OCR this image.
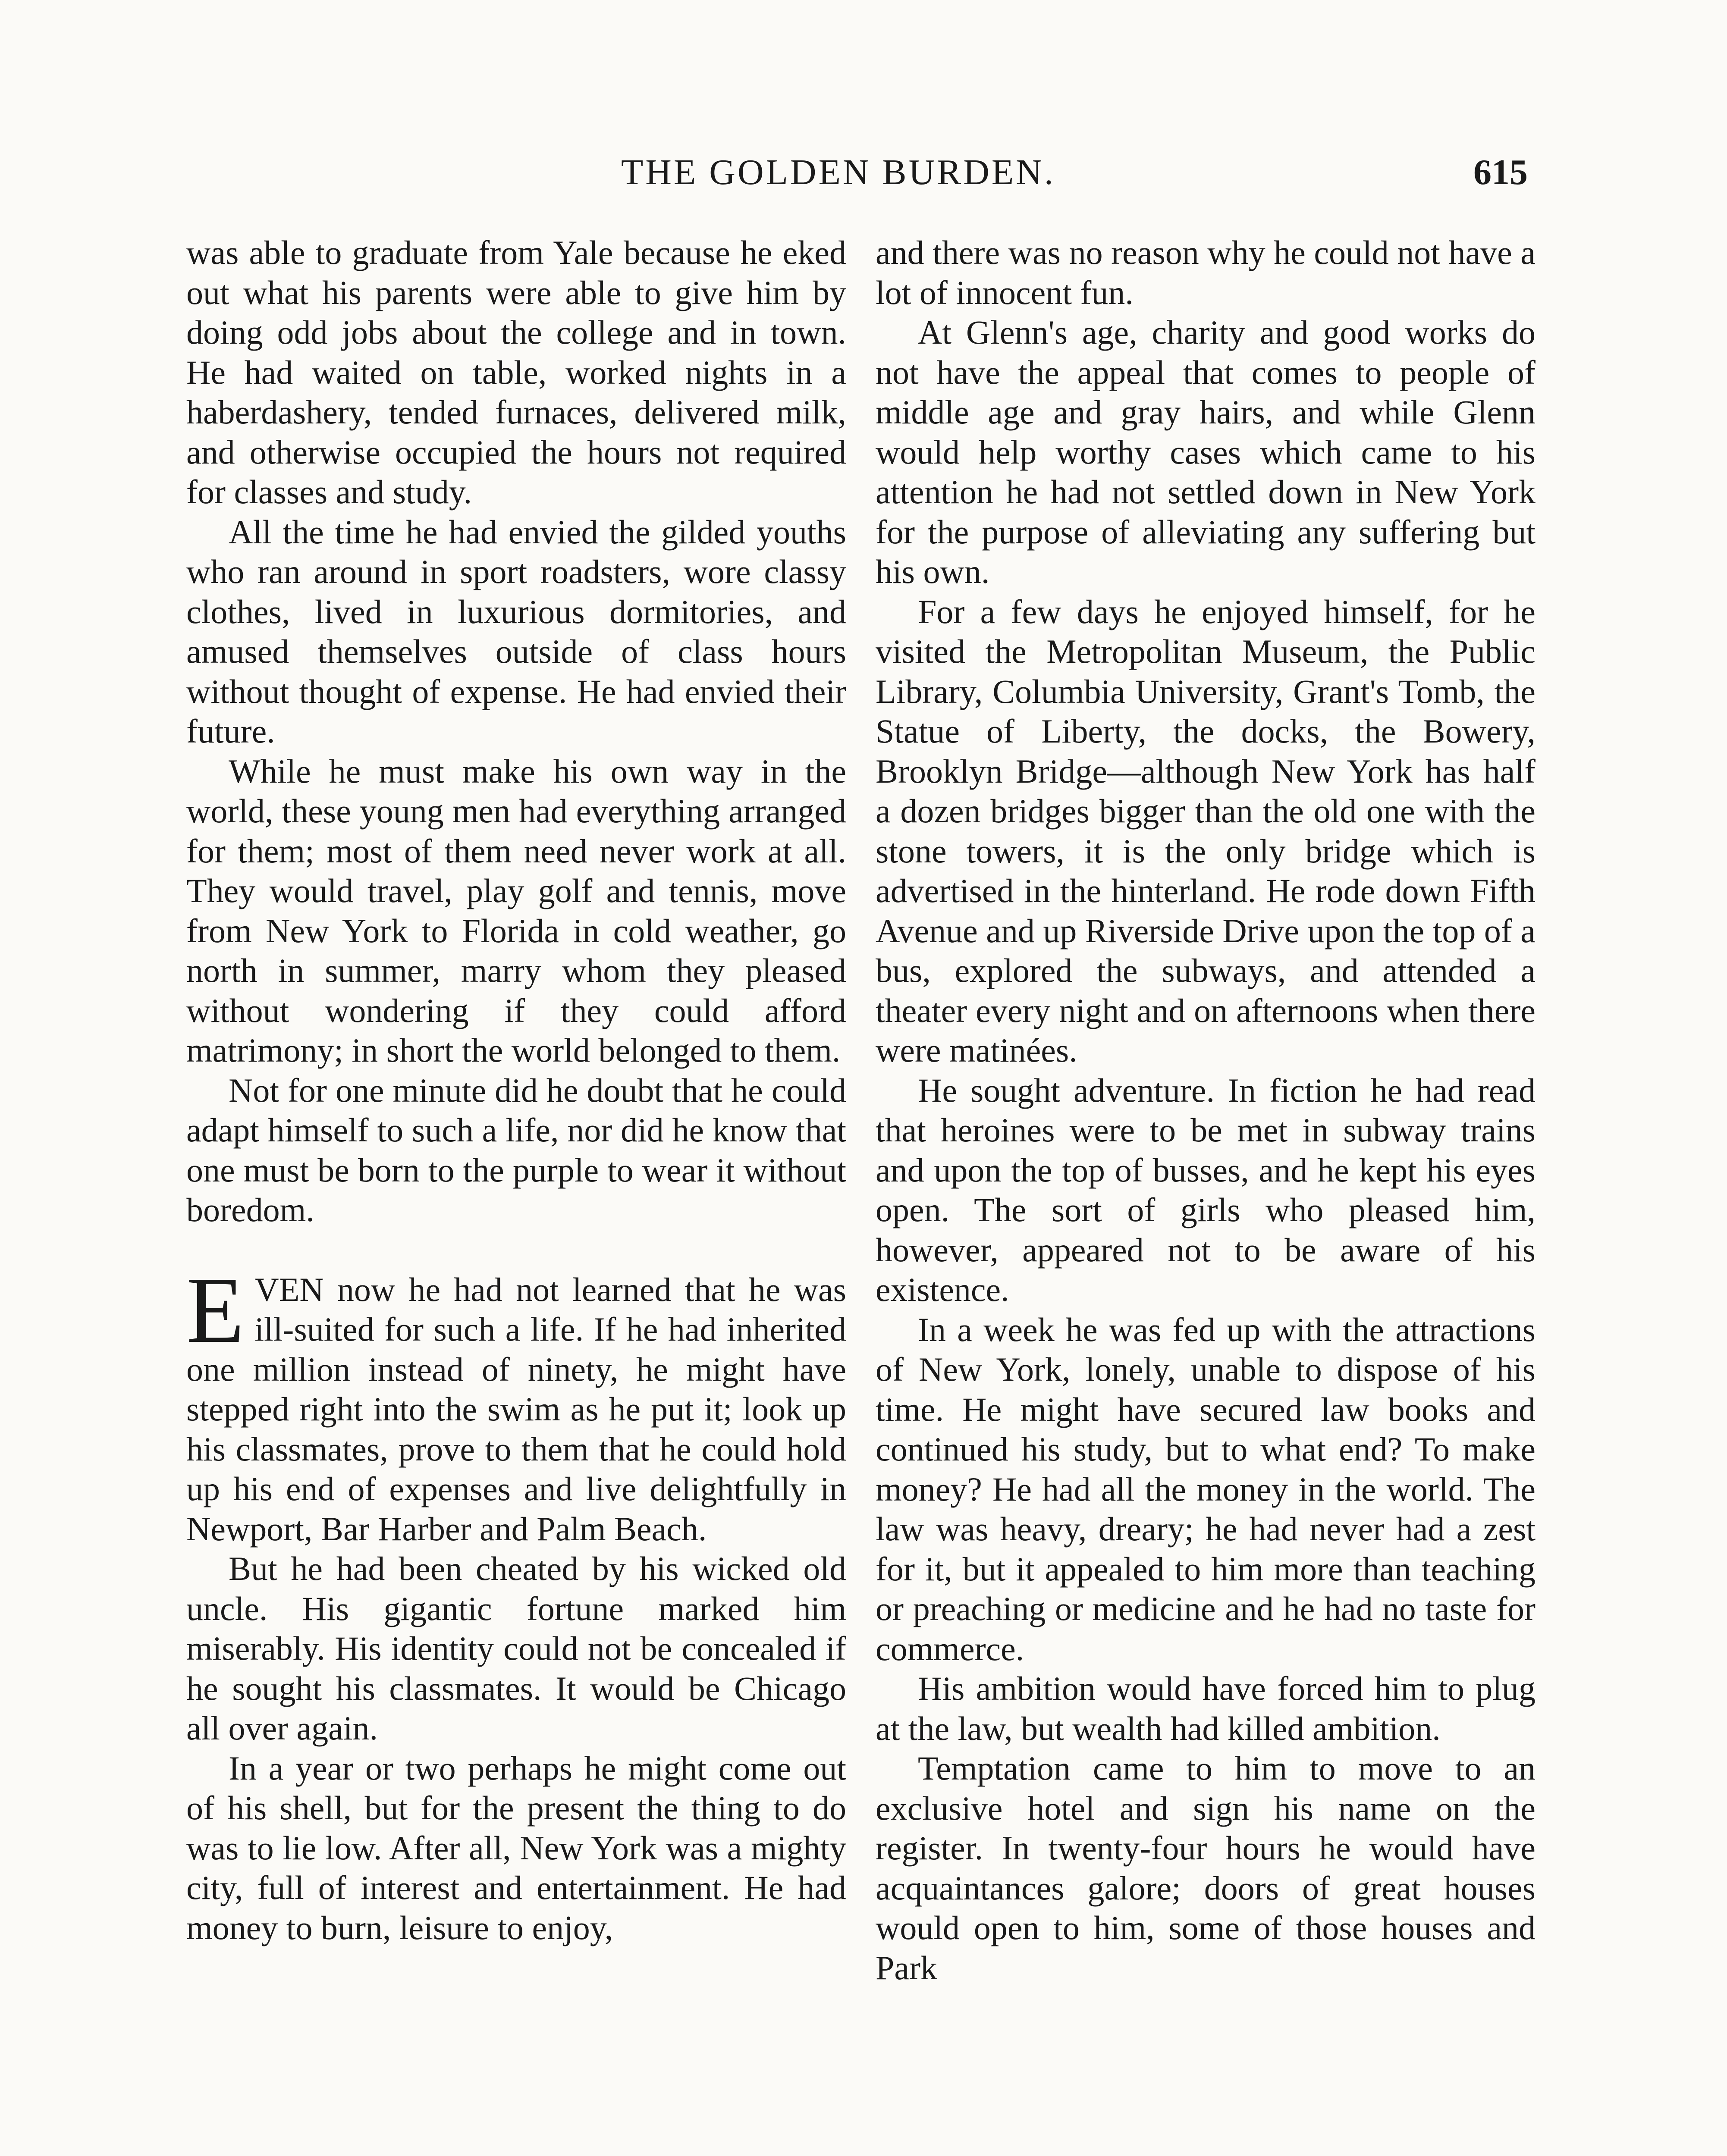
THE GOLDEN BURDEN.	615

was able to graduate from Yale because he eked out what his parents were able to give him by doing odd jobs about the college and in town. He had waited on table, worked nights in a haberdashery, tended furnaces, delivered milk, and otherwise occupied the hours not required for classes and study.

All the time he had envied the gilded youths who ran around in sport roadsters, wore classy clothes, lived in luxurious dormitories, and amused themselves outside of class hours without thought of expense. He had envied their future.

While he must make his own way in the world, these young men had everything arranged for them; most of them need never work at all. They would travel, play golf and tennis, move from New York to Florida in cold weather, go north in summer, marry whom they pleased without wondering if they could afford matrimony; in short the world belonged to them.

Not for one minute did he doubt that he could adapt himself to such a life, nor did he know that one must be born to the purple to wear it without boredom.

EVEN now he had not learned that he was ill-suited for such a life. If he had inherited one million instead of ninety, he might have stepped right into the swim as he put it; look up his classmates, prove to them that he could hold up his end of expenses and live delightfully in Newport, Bar Harber and Palm Beach.

But he had been cheated by his wicked old uncle. His gigantic fortune marked him miserably. His identity could not be concealed if he sought his classmates. It would be Chicago all over again.

In a year or two perhaps he might come out of his shell, but for the present the thing to do was to lie low. After all, New York was a mighty city, full of interest and entertainment. He had money to burn, leisure to enjoy,

and there was no reason why he could not have a lot of innocent fun.

At Glenn's age, charity and good works do not have the appeal that comes to people of middle age and gray hairs, and while Glenn would help worthy cases which came to his attention he had not settled down in New York for the purpose of alleviating any suffering but his own.

For a few days he enjoyed himself, for he visited the Metropolitan Museum, the Public Library, Columbia University, Grant's Tomb, the Statue of Liberty, the docks, the Bowery, Brooklyn Bridge—although New York has half a dozen bridges bigger than the old one with the stone towers, it is the only bridge which is advertised in the hinterland. He rode down Fifth Avenue and up Riverside Drive upon the top of a bus, explored the subways, and attended a theater every night and on afternoons when there were matinées.

He sought adventure. In fiction he had read that heroines were to be met in subway trains and upon the top of busses, and he kept his eyes open. The sort of girls who pleased him, however, appeared not to be aware of his existence.

In a week he was fed up with the attractions of New York, lonely, unable to dispose of his time. He might have secured law books and continued his study, but to what end? To make money? He had all the money in the world. The law was heavy, dreary; he had never had a zest for it, but it appealed to him more than teaching or preaching or medicine and he had no taste for commerce.

His ambition would have forced him to plug at the law, but wealth had killed ambition.

Temptation came to him to move to an exclusive hotel and sign his name on the register. In twenty-four hours he would have acquaintances galore; doors of great houses would open to him, some of those houses and Park
